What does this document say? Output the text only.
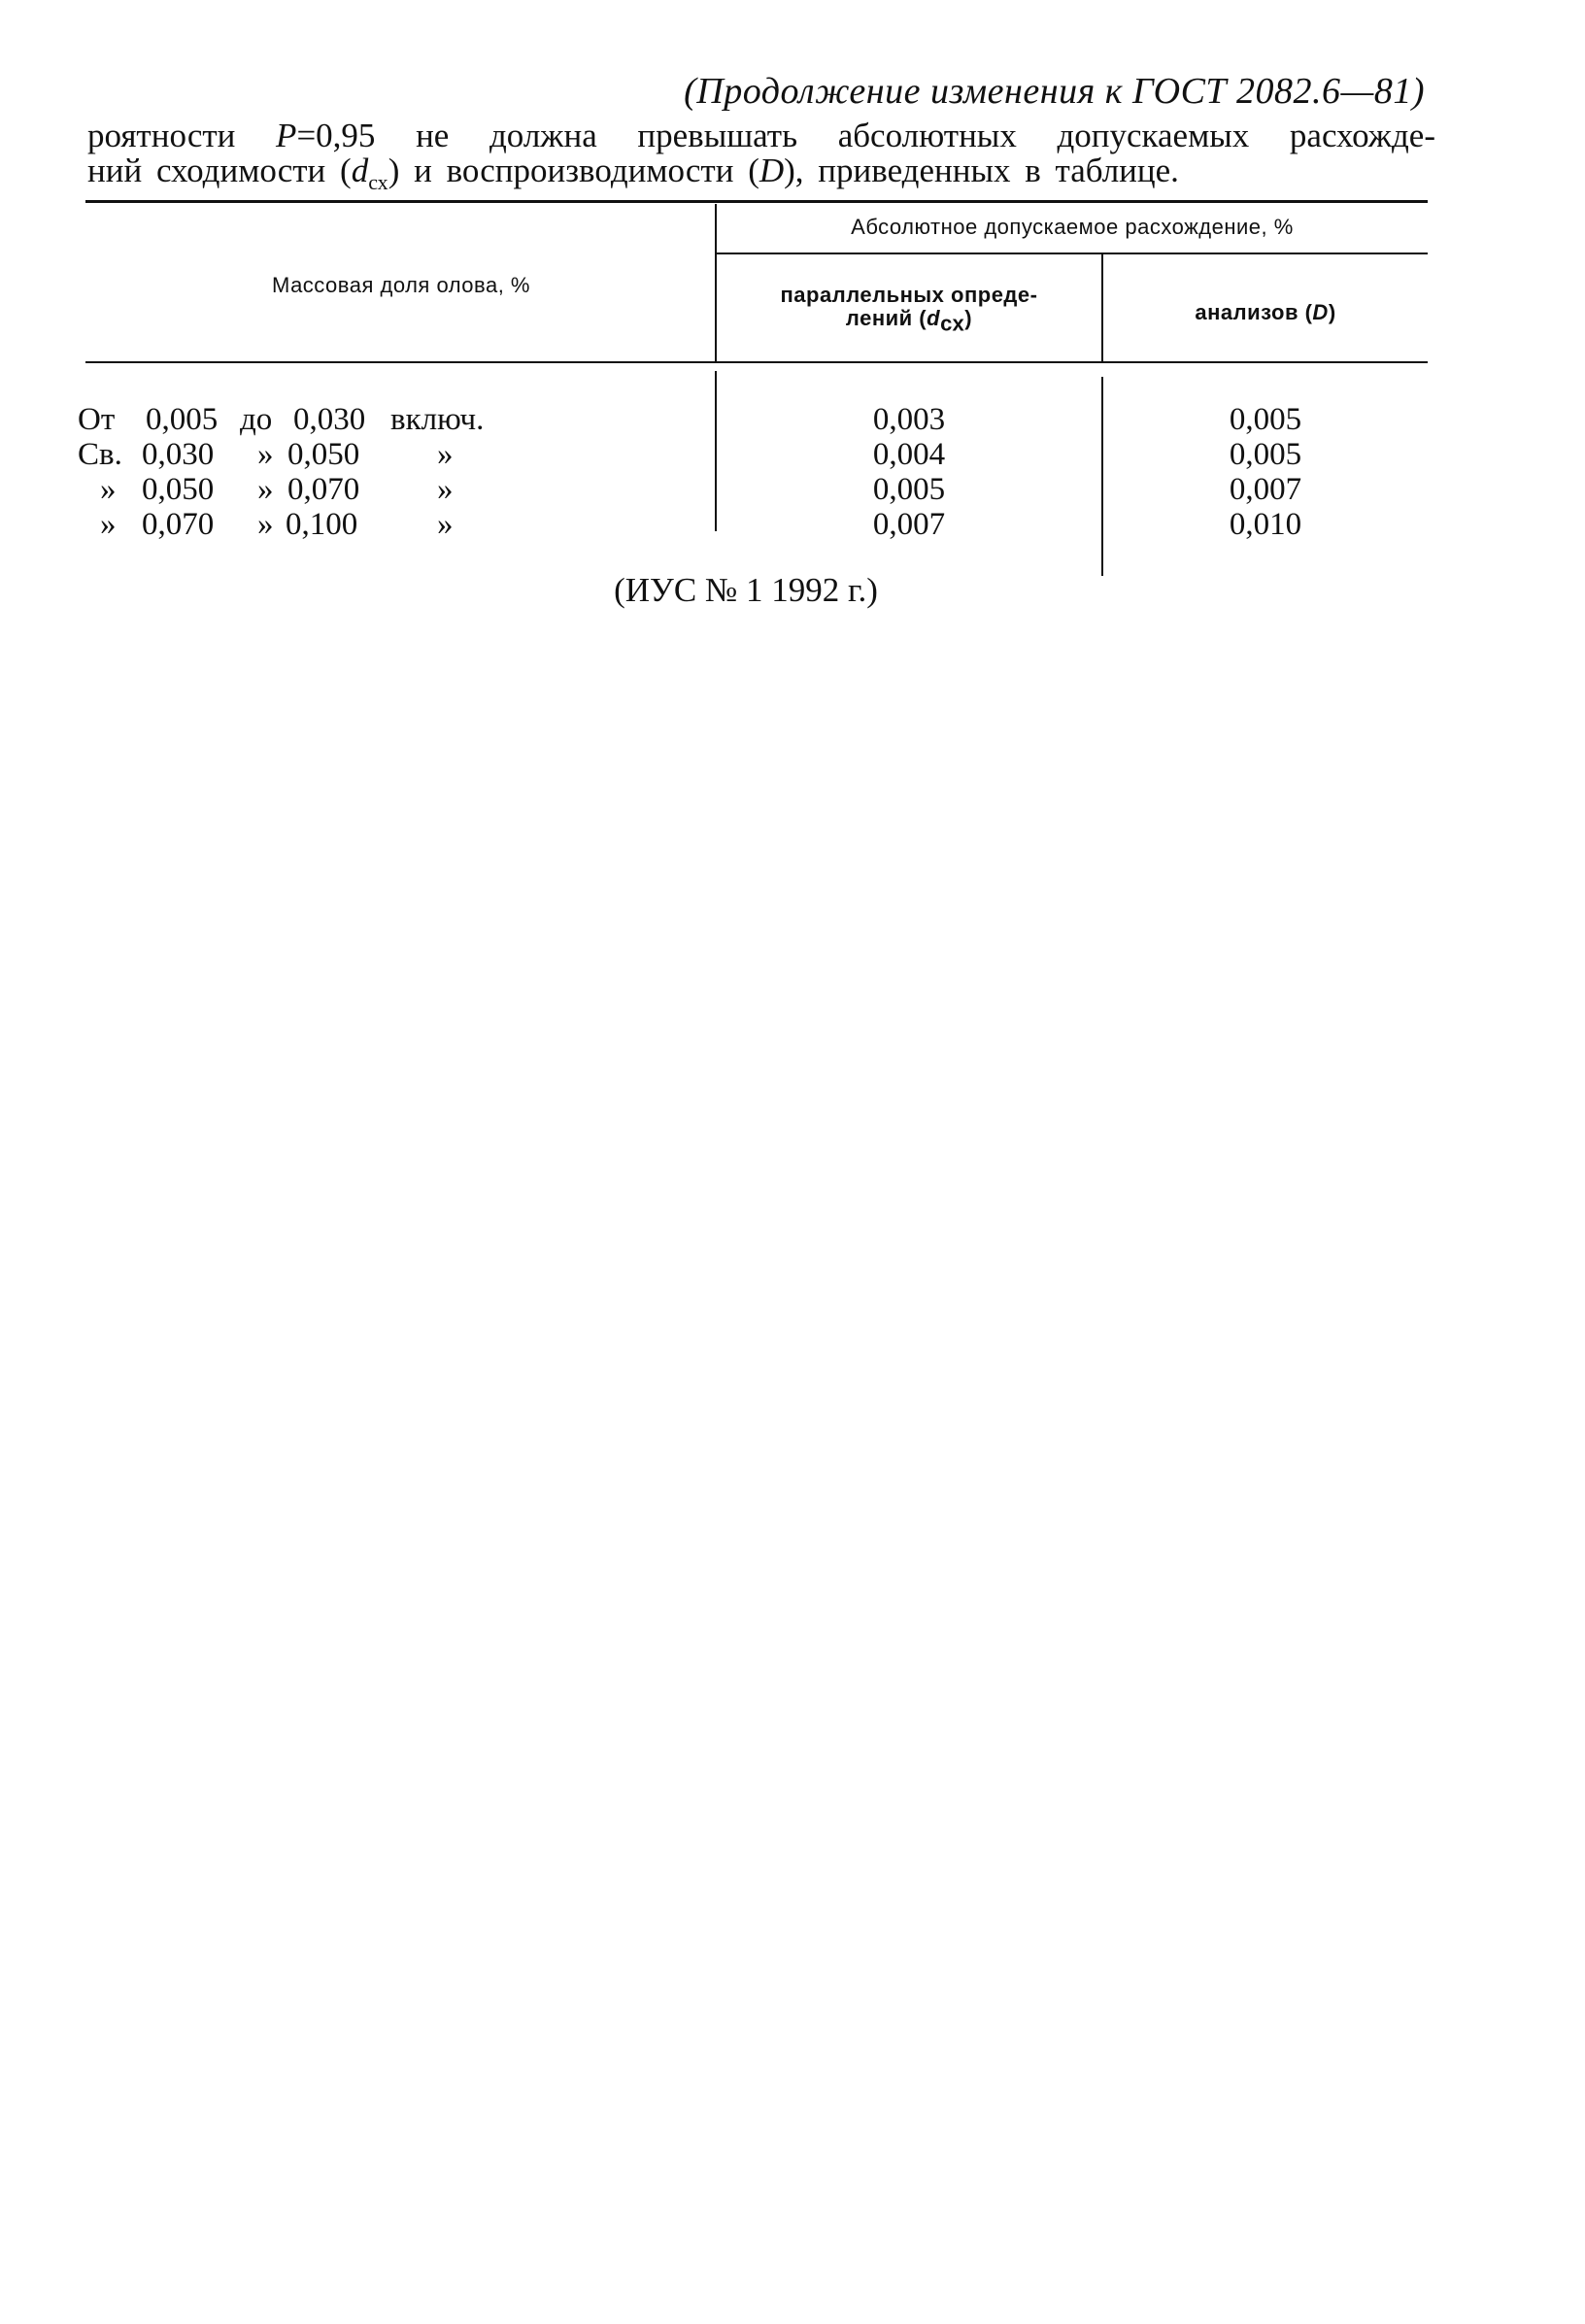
(Продолжение изменения к ГОСТ 2082.6—81)
роятности P=0,95 не должна превышать абсолютных допускаемых расхожде-
ний сходимости $(d_{сх})$ и воспроизводимости (D), приведенных в таблице.
Массовая доля олова, %
Абсолютное допускаемое расхождение, %
параллельных опреде-
лений $(d_{сх})$	анализов (D)
От 0,005 до 0,030 включ.	0,003	0,005
Св. 0,030 » 0,050 »	0,004	0,005
» 0,050 » 0,070 »	0,005	0,007
» 0,070 » 0,100 »	0,007	0,010
(ИУС № 1 1992 г.)
